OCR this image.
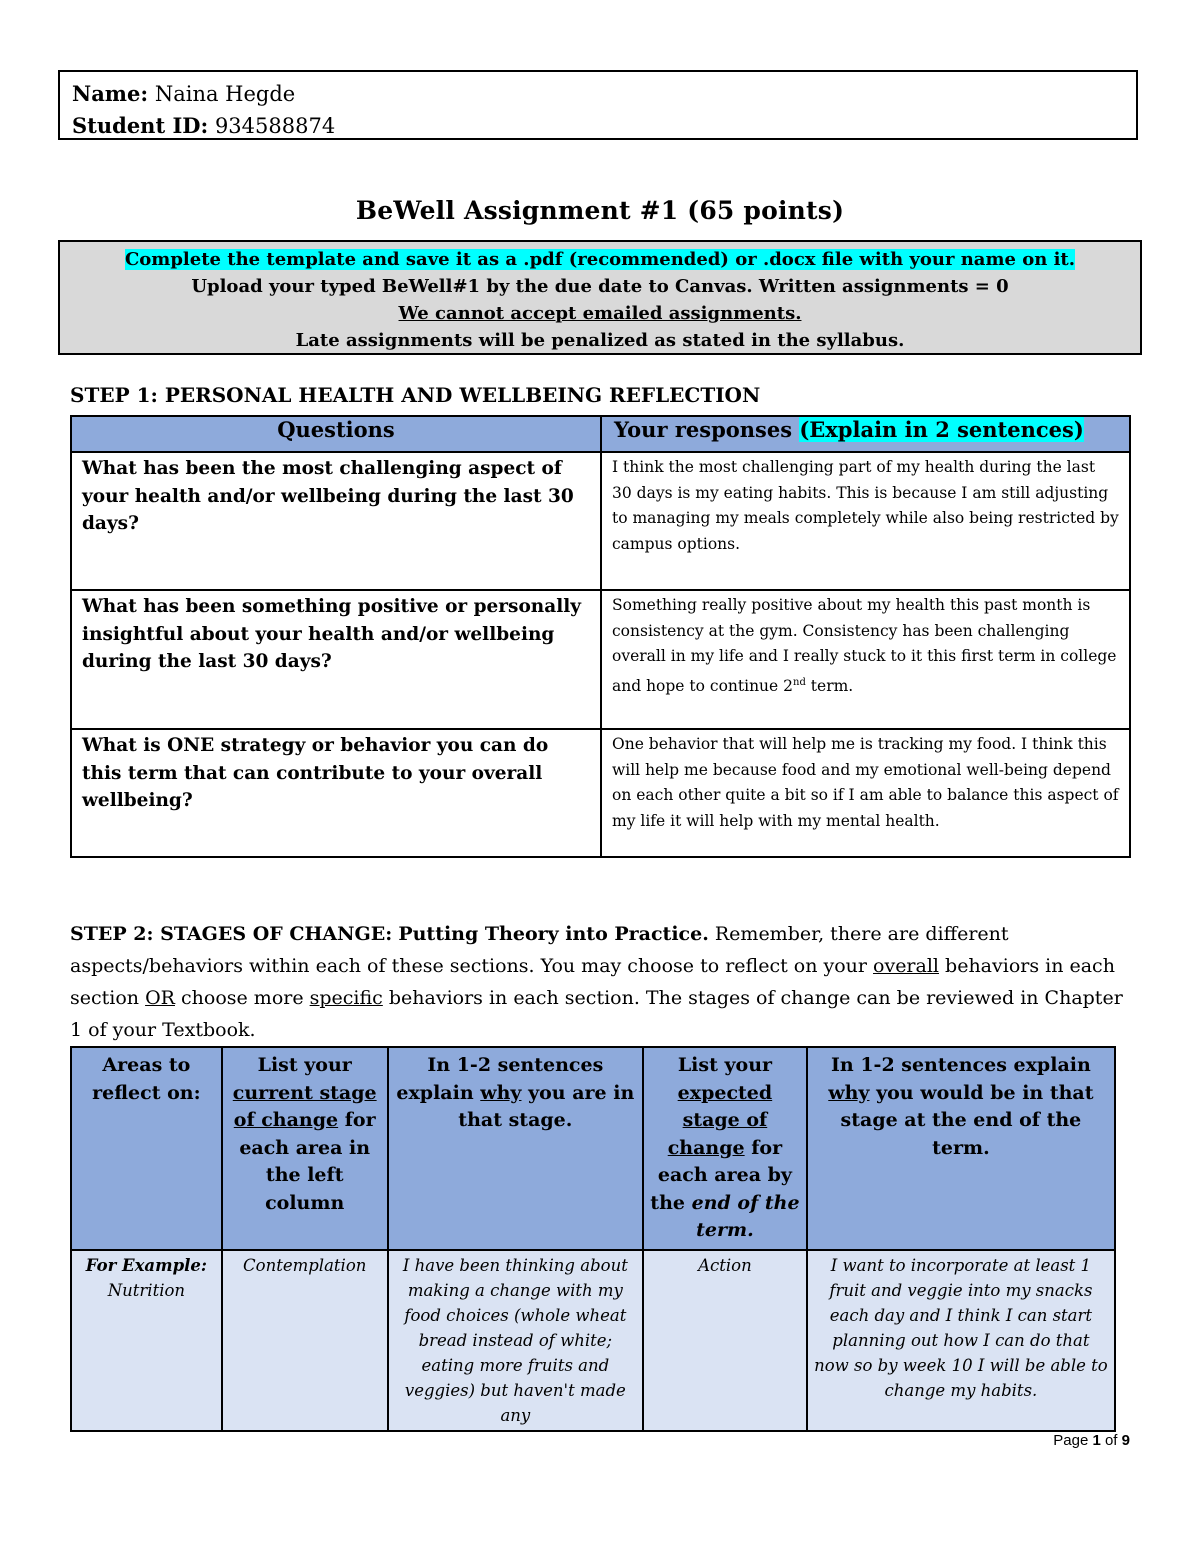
Name: Naina Hegde
Student ID: 934588874
BeWell Assignment #1 (65 points)
Complete the template and save it as a .pdf (recommended) or .docx file with your name on it.
Upload your typed BeWell#1 by the due date to Canvas. Written assignments = 0
We cannot accept emailed assignments.
Late assignments will be penalized as stated in the syllabus.
STEP 1: PERSONAL HEALTH AND WELLBEING REFLECTION
Questions	Your responses (Explain in 2 sentences)
What has been the most challenging aspect of your health and/or wellbeing during the last 30 days?	I think the most challenging part of my health during the last 30 days is my eating habits. This is because I am still adjusting to managing my meals completely while also being restricted by campus options.
What has been something positive or personally insightful about your health and/or wellbeing during the last 30 days?	Something really positive about my health this past month is consistency at the gym. Consistency has been challenging overall in my life and I really stuck to it this first term in college and hope to continue 2nd term.
What is ONE strategy or behavior you can do this term that can contribute to your overall wellbeing?	One behavior that will help me is tracking my food. I think this will help me because food and my emotional well-being depend on each other quite a bit so if I am able to balance this aspect of my life it will help with my mental health.
STEP 2: STAGES OF CHANGE: Putting Theory into Practice. Remember, there are different aspects/behaviors within each of these sections. You may choose to reflect on your overall behaviors in each section OR choose more specific behaviors in each section. The stages of change can be reviewed in Chapter 1 of your Textbook.
Areas to reflect on:	List your current stage of change for each area in the left column	In 1-2 sentences explain why you are in that stage.	List your expected stage of change for each area by the end of the term.	In 1-2 sentences explain why you would be in that stage at the end of the term.
For Example:
Nutrition	Contemplation	I have been thinking about making a change with my food choices (whole wheat bread instead of white; eating more fruits and veggies) but haven't made any	Action	I want to incorporate at least 1 fruit and veggie into my snacks each day and I think I can start planning out how I can do that now so by week 10 I will be able to change my habits.
Page 1 of 9
